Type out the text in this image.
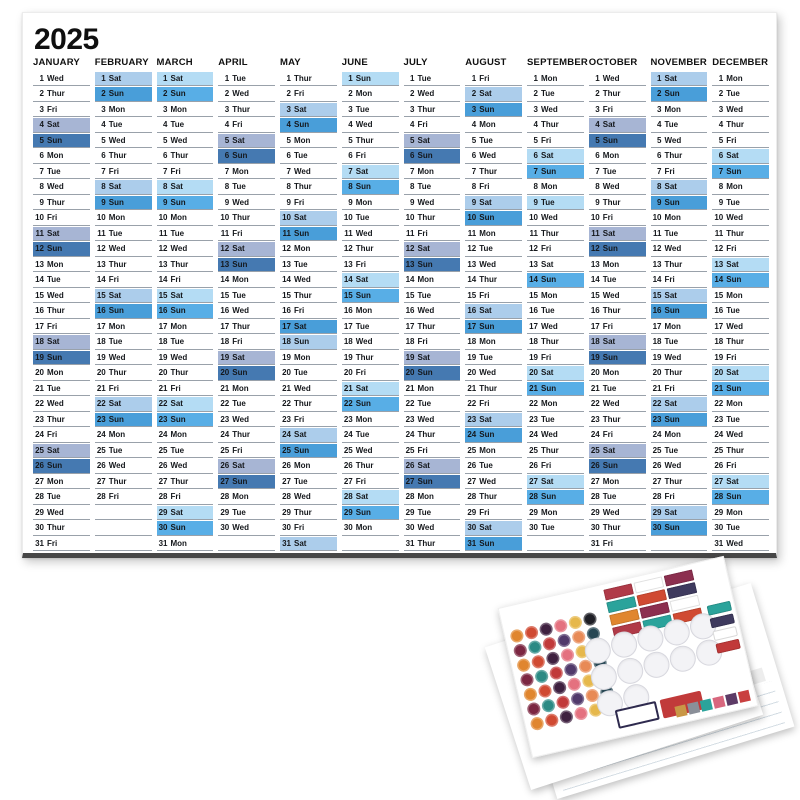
2025
JANUARY
1 Wed
2 Thur
3 Fri
4 Sat
5 Sun
6 Mon
7 Tue
8 Wed
9 Thur
10 Fri
11 Sat
12 Sun
13 Mon
14 Tue
15 Wed
16 Thur
17 Fri
18 Sat
19 Sun
20 Mon
21 Tue
22 Wed
23 Thur
24 Fri
25 Sat
26 Sun
27 Mon
28 Tue
29 Wed
30 Thur
31 Fri
FEBRUARY
1 Sat
2 Sun
3 Mon
4 Tue
5 Wed
6 Thur
7 Fri
8 Sat
9 Sun
10 Mon
11 Tue
12 Wed
13 Thur
14 Fri
15 Sat
16 Sun
17 Mon
18 Tue
19 Wed
20 Thur
21 Fri
22 Sat
23 Sun
24 Mon
25 Tue
26 Wed
27 Thur
28 Fri
MARCH
1 Sat
2 Sun
3 Mon
4 Tue
5 Wed
6 Thur
7 Fri
8 Sat
9 Sun
10 Mon
11 Tue
12 Wed
13 Thur
14 Fri
15 Sat
16 Sun
17 Mon
18 Tue
19 Wed
20 Thur
21 Fri
22 Sat
23 Sun
24 Mon
25 Tue
26 Wed
27 Thur
28 Fri
29 Sat
30 Sun
31 Mon
APRIL
1 Tue
2 Wed
3 Thur
4 Fri
5 Sat
6 Sun
7 Mon
8 Tue
9 Wed
10 Thur
11 Fri
12 Sat
13 Sun
14 Mon
15 Tue
16 Wed
17 Thur
18 Fri
19 Sat
20 Sun
21 Mon
22 Tue
23 Wed
24 Thur
25 Fri
26 Sat
27 Sun
28 Mon
29 Tue
30 Wed
MAY
1 Thur
2 Fri
3 Sat
4 Sun
5 Mon
6 Tue
7 Wed
8 Thur
9 Fri
10 Sat
11 Sun
12 Mon
13 Tue
14 Wed
15 Thur
16 Fri
17 Sat
18 Sun
19 Mon
20 Tue
21 Wed
22 Thur
23 Fri
24 Sat
25 Sun
26 Mon
27 Tue
28 Wed
29 Thur
30 Fri
31 Sat
JUNE
1 Sun
2 Mon
3 Tue
4 Wed
5 Thur
6 Fri
7 Sat
8 Sun
9 Mon
10 Tue
11 Wed
12 Thur
13 Fri
14 Sat
15 Sun
16 Mon
17 Tue
18 Wed
19 Thur
20 Fri
21 Sat
22 Sun
23 Mon
24 Tue
25 Wed
26 Thur
27 Fri
28 Sat
29 Sun
30 Mon
JULY
1 Tue
2 Wed
3 Thur
4 Fri
5 Sat
6 Sun
7 Mon
8 Tue
9 Wed
10 Thur
11 Fri
12 Sat
13 Sun
14 Mon
15 Tue
16 Wed
17 Thur
18 Fri
19 Sat
20 Sun
21 Mon
22 Tue
23 Wed
24 Thur
25 Fri
26 Sat
27 Sun
28 Mon
29 Tue
30 Wed
31 Thur
AUGUST
1 Fri
2 Sat
3 Sun
4 Mon
5 Tue
6 Wed
7 Thur
8 Fri
9 Sat
10 Sun
11 Mon
12 Tue
13 Wed
14 Thur
15 Fri
16 Sat
17 Sun
18 Mon
19 Tue
20 Wed
21 Thur
22 Fri
23 Sat
24 Sun
25 Mon
26 Tue
27 Wed
28 Thur
29 Fri
30 Sat
31 Sun
SEPTEMBER
1 Mon
2 Tue
3 Wed
4 Thur
5 Fri
6 Sat
7 Sun
8 Mon
9 Tue
10 Wed
11 Thur
12 Fri
13 Sat
14 Sun
15 Mon
16 Tue
17 Wed
18 Thur
19 Fri
20 Sat
21 Sun
22 Mon
23 Tue
24 Wed
25 Thur
26 Fri
27 Sat
28 Sun
29 Mon
30 Tue
OCTOBER
1 Wed
2 Thur
3 Fri
4 Sat
5 Sun
6 Mon
7 Tue
8 Wed
9 Thur
10 Fri
11 Sat
12 Sun
13 Mon
14 Tue
15 Wed
16 Thur
17 Fri
18 Sat
19 Sun
20 Mon
21 Tue
22 Wed
23 Thur
24 Fri
25 Sat
26 Sun
27 Mon
28 Tue
29 Wed
30 Thur
31 Fri
NOVEMBER
1 Sat
2 Sun
3 Mon
4 Tue
5 Wed
6 Thur
7 Fri
8 Sat
9 Sun
10 Mon
11 Tue
12 Wed
13 Thur
14 Fri
15 Sat
16 Sun
17 Mon
18 Tue
19 Wed
20 Thur
21 Fri
22 Sat
23 Sun
24 Mon
25 Tue
26 Wed
27 Thur
28 Fri
29 Sat
30 Sun
DECEMBER
1 Mon
2 Tue
3 Wed
4 Thur
5 Fri
6 Sat
7 Sun
8 Mon
9 Tue
10 Wed
11 Thur
12 Fri
13 Sat
14 Sun
15 Mon
16 Tue
17 Wed
18 Thur
19 Fri
20 Sat
21 Sun
22 Mon
23 Tue
24 Wed
25 Thur
26 Fri
27 Sat
28 Sun
29 Mon
30 Tue
31 Wed
